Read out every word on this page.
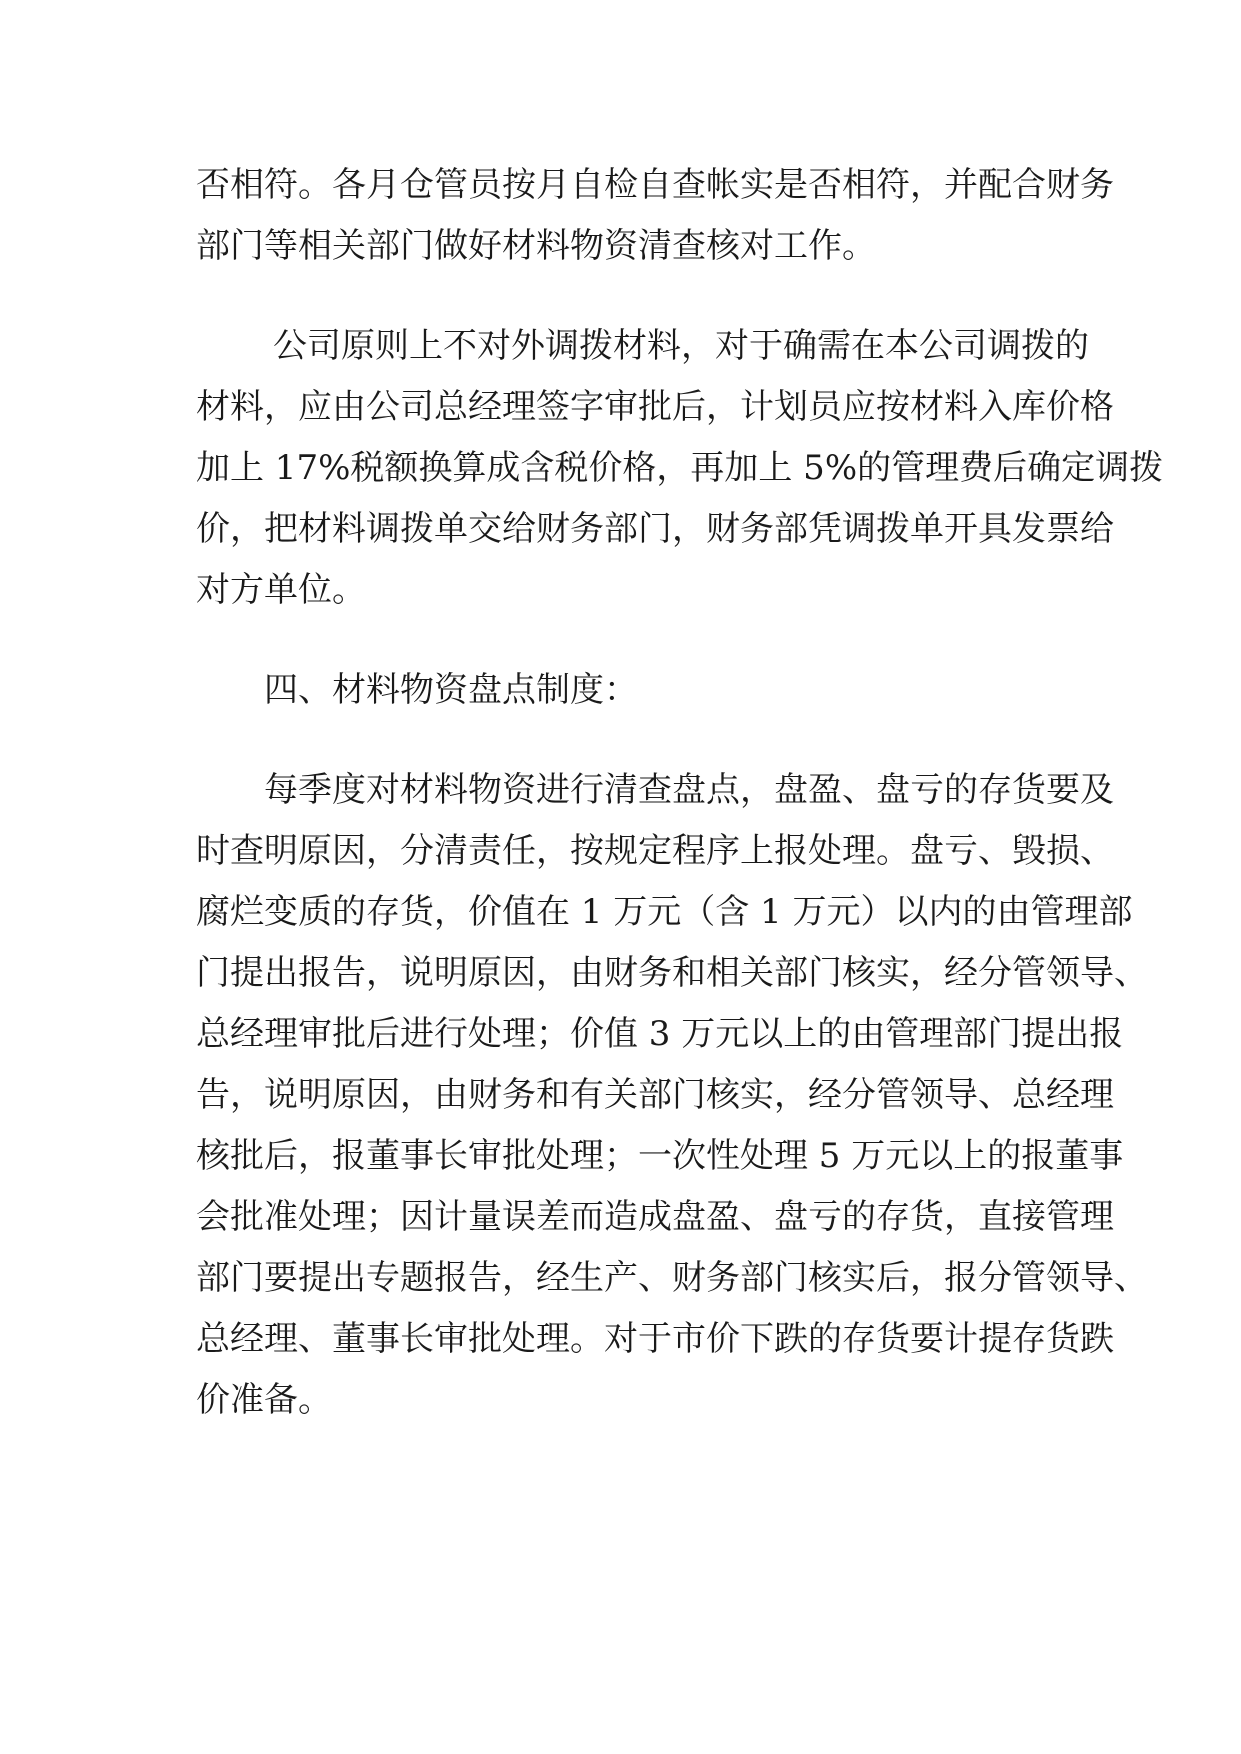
否相符。各月仓管员按月自检自查帐实是否相符，并配合财务
部门等相关部门做好材料物资清查核对工作。
公司原则上不对外调拨材料，对于确需在本公司调拨的
材料，应由公司总经理签字审批后，计划员应按材料入库价格
加上 17%税额换算成含税价格，再加上 5%的管理费后确定调拨
价，把材料调拨单交给财务部门，财务部凭调拨单开具发票给
对方单位。
四、材料物资盘点制度：
每季度对材料物资进行清查盘点，盘盈、盘亏的存货要及
时查明原因，分清责任，按规定程序上报处理。盘亏、毁损、
腐烂变质的存货，价值在 1 万元（含 1 万元）以内的由管理部
门提出报告，说明原因，由财务和相关部门核实，经分管领导、
总经理审批后进行处理；价值 3 万元以上的由管理部门提出报
告，说明原因，由财务和有关部门核实，经分管领导、总经理
核批后，报董事长审批处理；一次性处理 5 万元以上的报董事
会批准处理；因计量误差而造成盘盈、盘亏的存货，直接管理
部门要提出专题报告，经生产、财务部门核实后，报分管领导、
总经理、董事长审批处理。对于市价下跌的存货要计提存货跌
价准备。
